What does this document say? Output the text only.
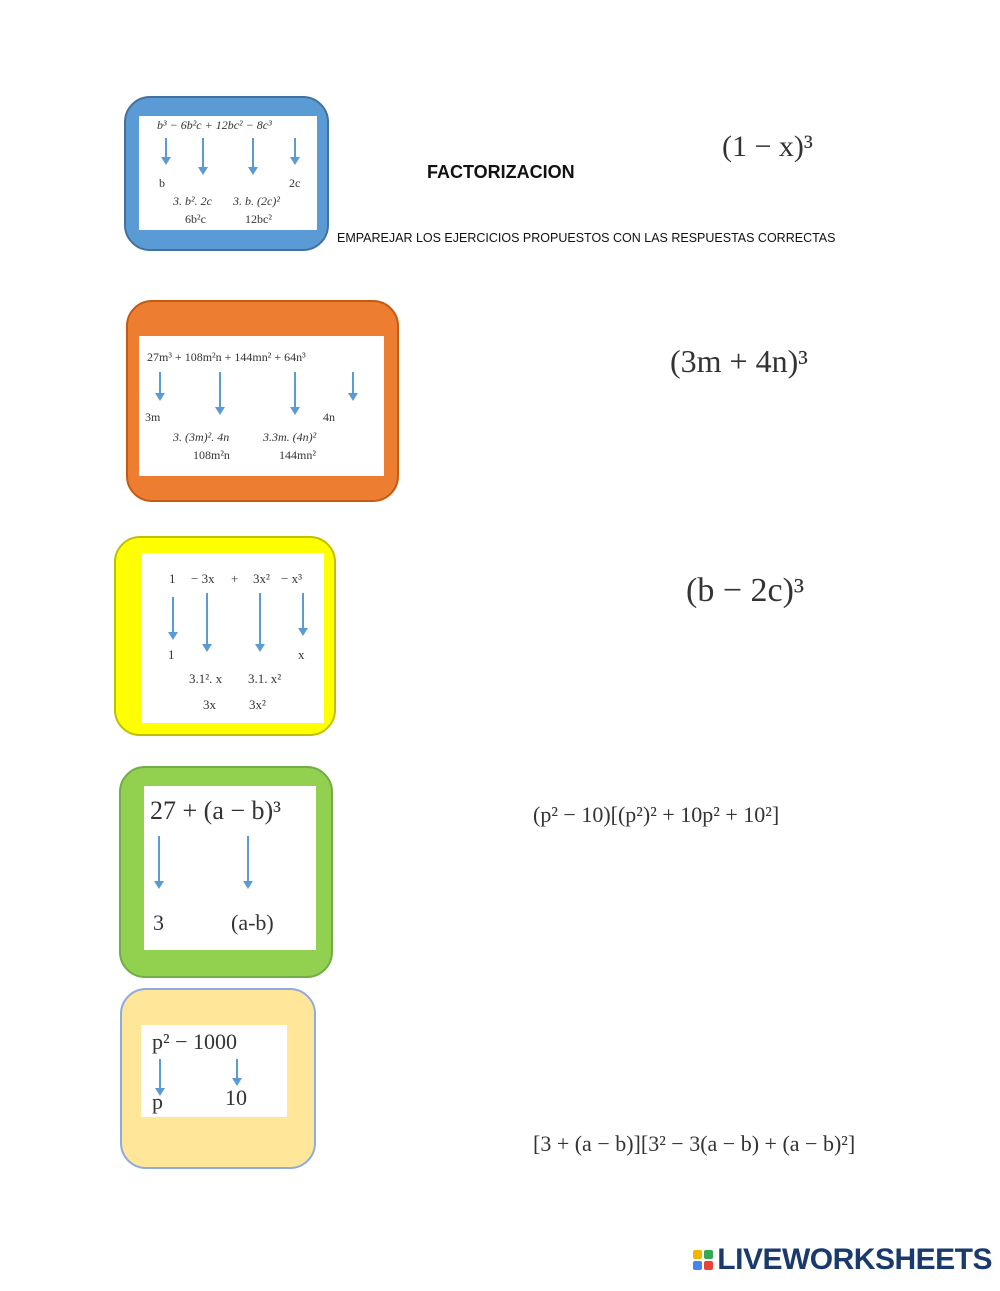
FACTORIZACION
EMPAREJAR LOS EJERCICIOS PROPUESTOS CON LAS RESPUESTAS CORRECTAS
b³ − 6b²c + 12bc² − 8c³
b	2c
3. b². 2c 3. b. (2c)²
6b²c	12bc²
27m³ + 108m²n + 144mn² + 64n³
3m	4n
3. (3m)². 4n	3.3m. (4n)²
108m²n	144mn²
1 − 3x + 3x² − x³
1	x
3.1². x 3.1. x²
3x	3x²
27 + (a − b)³
3	(a-b)
p² − 1000
p	10
(1 − x)³
(3m + 4n)³
(b − 2c)³
(p² − 10)[(p²)² + 10p² + 10²]
[3 + (a − b)][3² − 3(a − b) + (a − b)²]
LIVEWORKSHEETS
